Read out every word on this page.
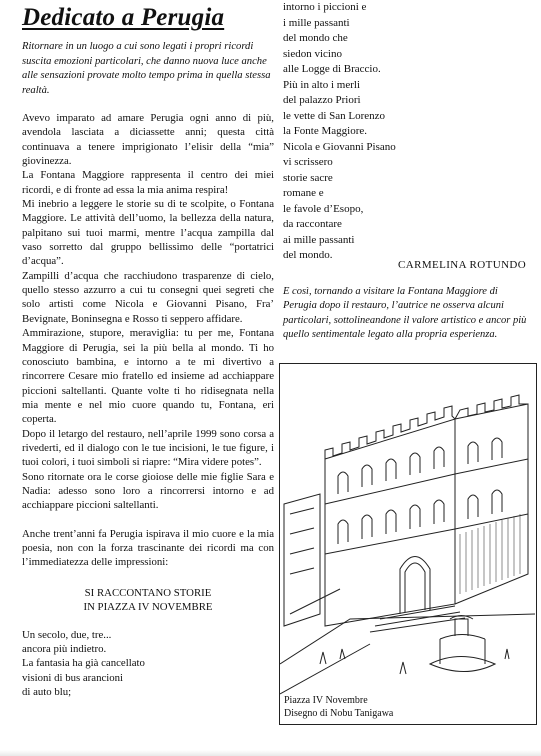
Dedicato a Perugia
Ritornare in un luogo a cui sono legati i propri ricordi suscita emozioni particolari, che danno nuova luce anche alle sensazioni provate molto tempo prima in quella stessa realtà.

Avevo imparato ad amare Perugia ogni anno di più, avendola lasciata a diciassette anni; questa città continuava a tenere imprigionato l’elisir della “mia” giovinezza.

La Fontana Maggiore rappresenta il centro dei miei ricordi, e di fronte ad essa la mia anima respira!

Mi inebrio a leggere le storie su di te scolpite, o Fontana Maggiore. Le attività dell’uomo, la bellezza della natura, palpitano sui tuoi marmi, mentre l’acqua zampilla dal vaso sorretto dal gruppo bellissimo delle “portatrici d’acqua”.

Zampilli d’acqua che racchiudono trasparenze di cielo, quello stesso azzurro a cui tu consegni quei segreti che solo artisti come Nicola e Giovanni Pisano, Fra’ Bevignate, Boninsegna e Rosso ti seppero affidare.

Ammirazione, stupore, meraviglia: tu per me, Fontana Maggiore di Perugia, sei la più bella al mondo. Ti ho conosciuto bambina, e intorno a te mi divertivo a rincorrere Cesare mio fratello ed insieme ad acchiappare piccioni saltellanti. Quante volte ti ho ridisegnata nella mia mente e nel mio cuore quando tu, Fontana, eri coperta.

Dopo il letargo del restauro, nell’aprile 1999 sono corsa a rivederti, ed il dialogo con le tue incisioni, le tue figure, i tuoi colori, i tuoi simboli si riapre: “Mira videre potes”.

Sono ritornate ora le corse gioiose delle mie figlie Sara e Nadia: adesso sono loro a rincorrersi intorno e ad acchiappare piccioni saltellanti.

Anche trent’anni fa Perugia ispirava il mio cuore e la mia poesia, non con la forza trascinante dei ricordi ma con l’immediatezza delle impressioni:

SI RACCONTANO STORIE
IN PIAZZA IV NOVEMBRE
Un secolo, due, tre...
ancora più indietro.
La fantasia ha già cancellato
visioni di bus arancioni
di auto blu;
intorno i piccioni e
i mille passanti
del mondo che
siedon vicino
alle Logge di Braccio.
Più in alto i merli
del palazzo Priori
le vette di San Lorenzo
la Fonte Maggiore.
Nicola e Giovanni Pisano
vi scrissero
storie sacre
romane e
le favole d’Esopo,
da raccontare
ai mille passanti
del mondo.
CARMELINA ROTUNDO
E così, tornando a visitare la Fontana Maggiore di Perugia dopo il restauro, l’autrice ne osserva alcuni particolari, sottolineandone il valore artistico e ancor più quello sentimentale legato alla propria esperienza.
Piazza IV Novembre
Disegno di Nobu Tanigawa
